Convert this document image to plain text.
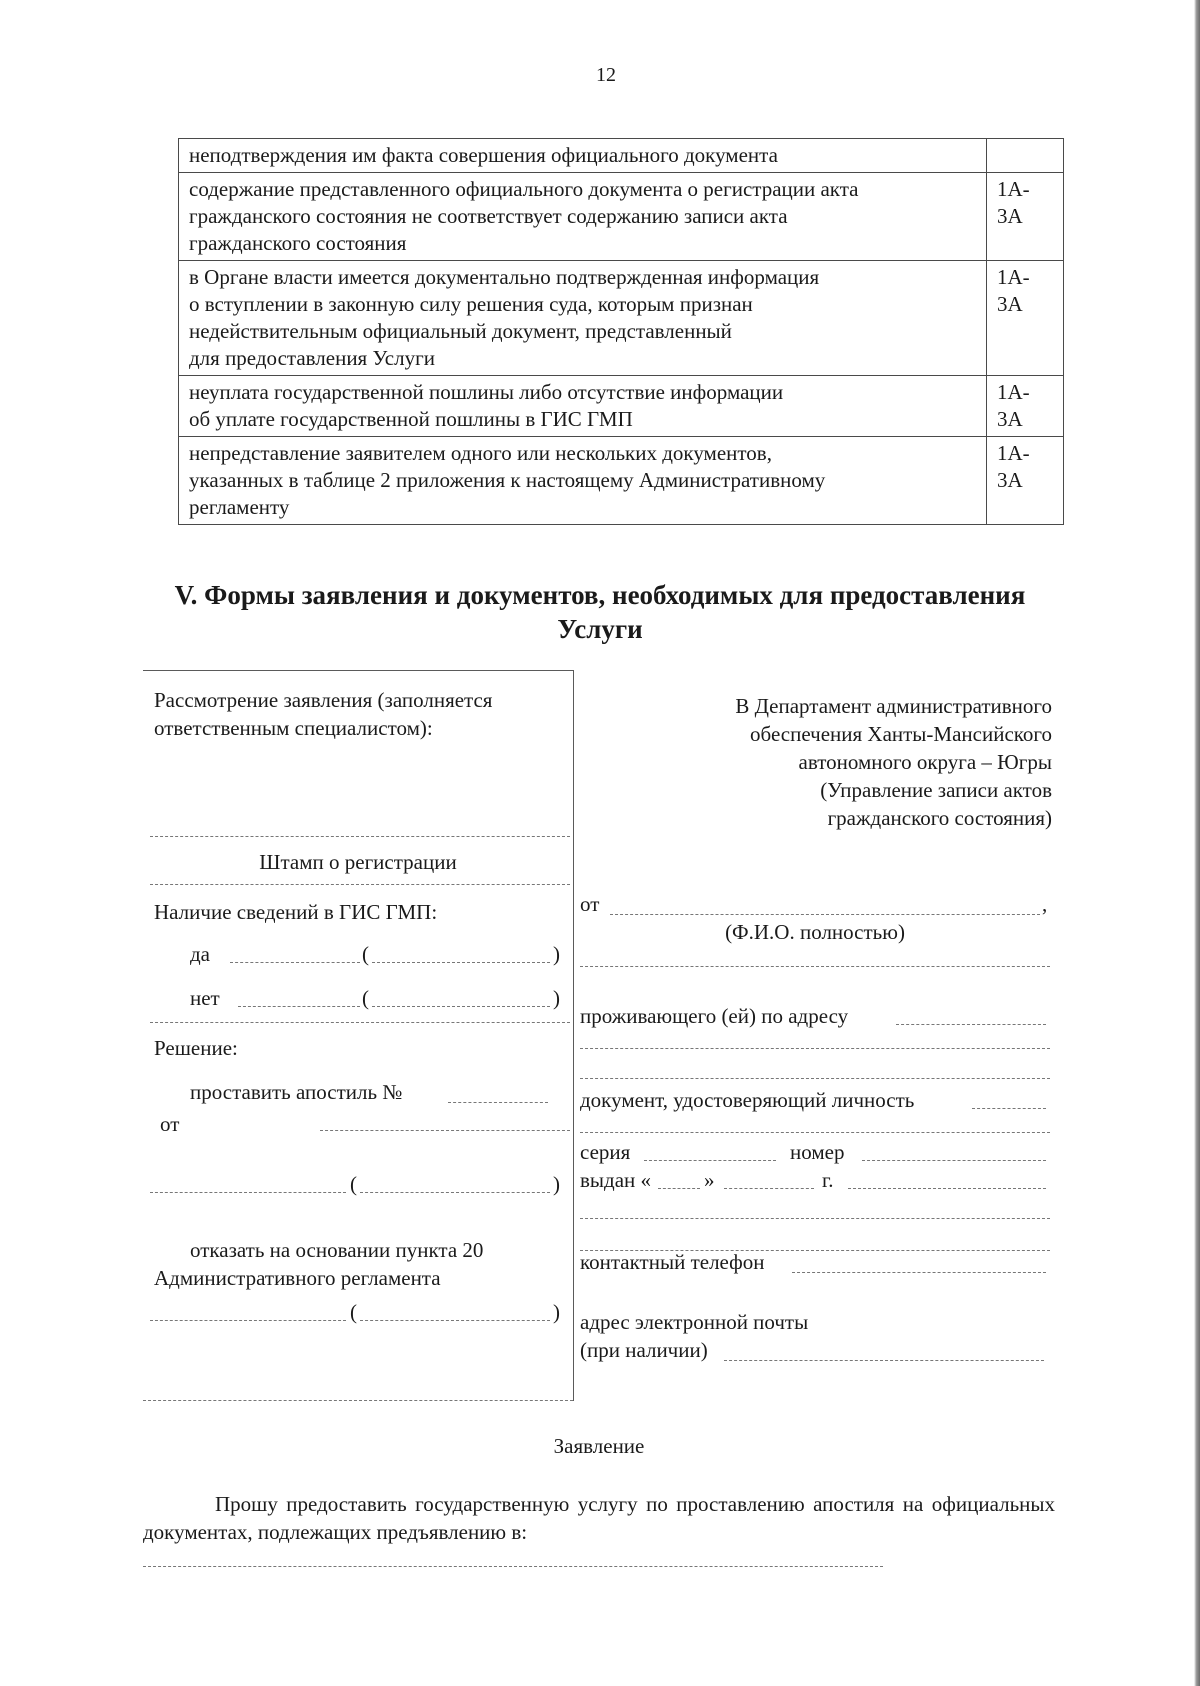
12
неподтверждения им факта совершения официального документа	
содержание представленного официального документа о регистрации акта
гражданского состояния не соответствует содержанию записи акта
гражданского состояния	1А-
3А
в Органе власти имеется документально подтвержденная информация
о вступлении в законную силу решения суда, которым признан
недействительным официальный документ, представленный
для предоставления Услуги	1А-
3А
неуплата государственной пошлины либо отсутствие информации
об уплате государственной пошлины в ГИС ГМП	1А-
3А
непредставление заявителем одного или нескольких документов,
указанных в таблице 2 приложения к настоящему Административному
регламенту	1А-
3А
V. Формы заявления и документов, необходимых для предоставления Услуги
Рассмотрение заявления (заполняется
ответственным специалистом):
Штамп о регистрации
Наличие сведений в ГИС ГМП:
да	(	)
нет	(	)
Решение:
проставить апостиль №
от
(	)
отказать на основании пункта 20
Административного регламента
(	)
В Департамент административного
обеспечения Ханты-Мансийского
автономного округа – Югры
(Управление записи актов
гражданского состояния)
от	,
(Ф.И.О. полностью)
проживающего (ей) по адресу
документ, удостоверяющий личность
серия	номер
выдан «	»	г.
контактный телефон
адрес электронной почты
(при наличии)
Заявление
Прошу предоставить государственную услугу по проставлению апостиля на официальных документах, подлежащих предъявлению в:
